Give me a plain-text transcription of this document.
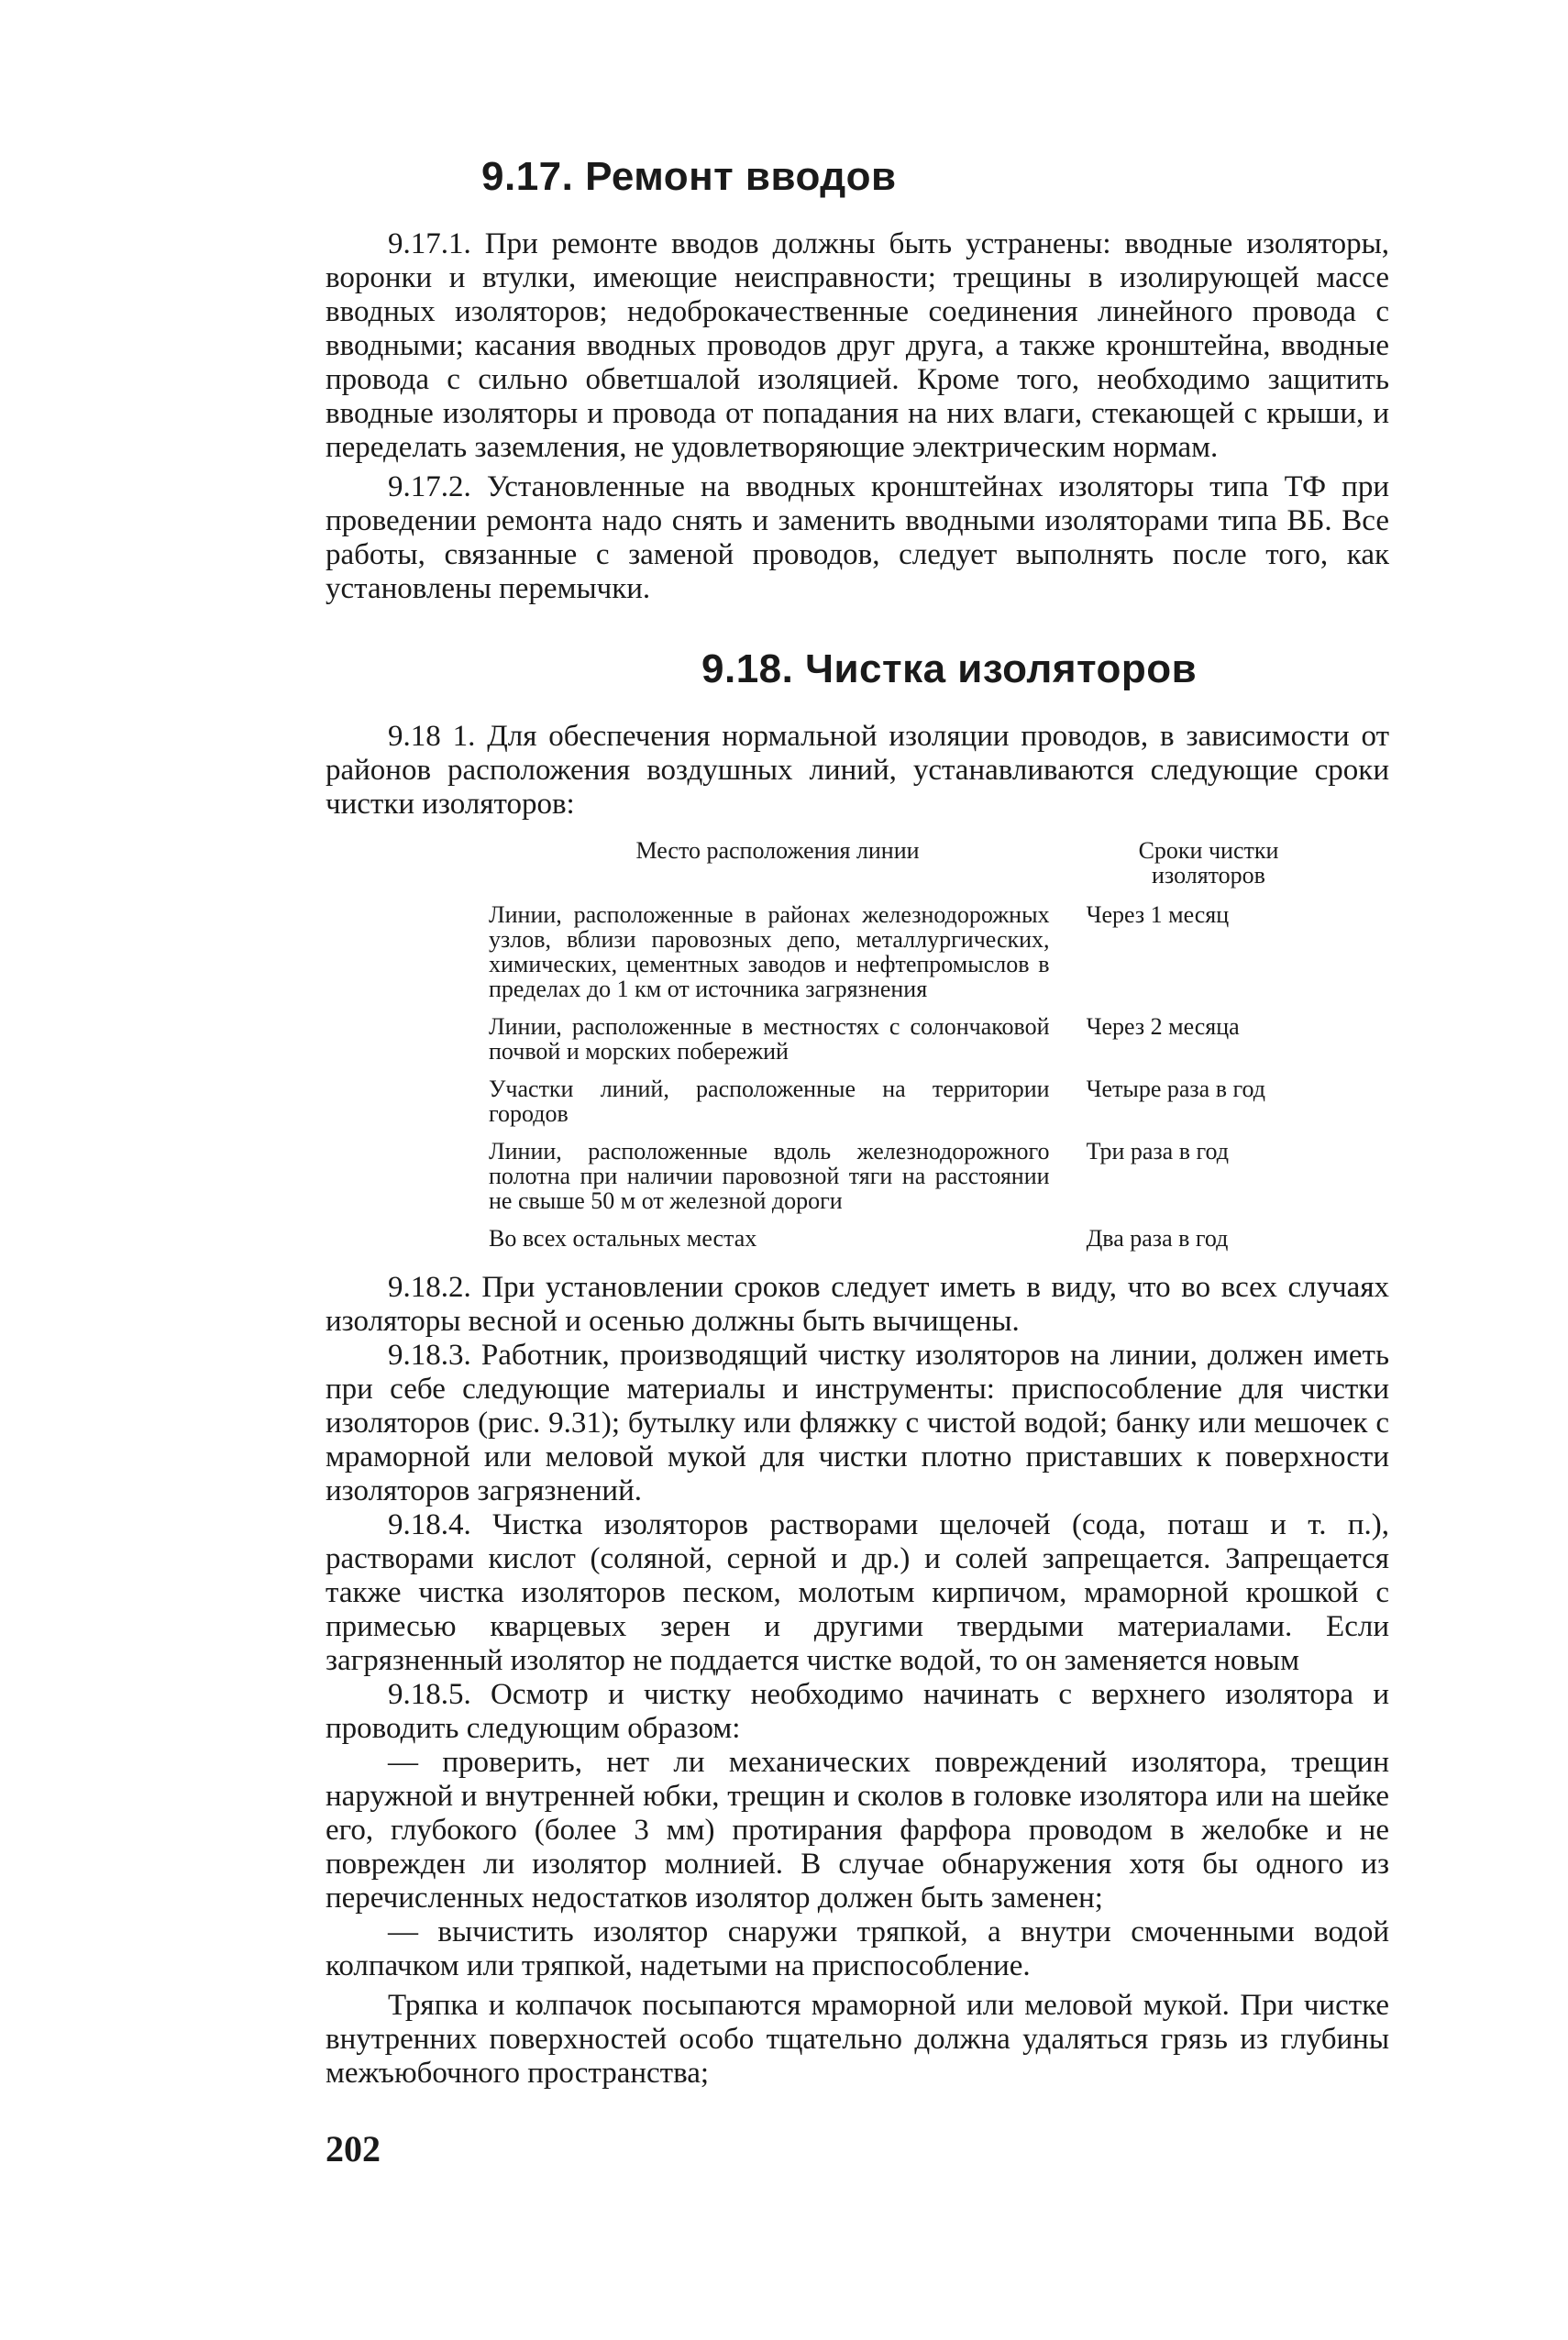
9.17. Ремонт вводов

9.17.1. При ремонте вводов должны быть устранены: вводные изоляторы, воронки и втулки, имеющие неисправности; трещины в изолирующей массе вводных изоляторов; недоброкачественные соединения линейного провода с вводными; касания вводных проводов друг друга, а также кронштейна, вводные провода с сильно обветшалой изоляцией. Кроме того, необходимо защитить вводные изоляторы и провода от попадания на них влаги, стекающей с крыши, и переделать заземления, не удовлетворяющие электрическим нормам.

9.17.2. Установленные на вводных кронштейнах изоляторы типа ТФ при проведении ремонта надо снять и заменить вводными изоляторами типа ВБ. Все работы, связанные с заменой проводов, следует выполнять после того, как установлены перемычки.

9.18. Чистка изоляторов

9.18 1. Для обеспечения нормальной изоляции проводов, в зависимости от районов расположения воздушных линий, устанавливаются следующие сроки чистки изоляторов:

Место расположения линии	Сроки чистки изоляторов
Линии, расположенные в районах железнодорожных узлов, вблизи паровозных депо, металлургических, химических, цементных заводов и нефтепромыслов в пределах до 1 км от источника загрязнения
Через 1 месяц
Линии, расположенные в местностях с солончаковой почвой и морских побережий
Через 2 месяца
Участки линий, расположенные на территории городов
Четыре раза в год
Линии, расположенные вдоль железнодорожного полотна при наличии паровозной тяги на расстоянии не свыше 50 м от железной дороги
Три раза в год
Во всех остальных местах	Два раза в год

9.18.2. При установлении сроков следует иметь в виду, что во всех случаях изоляторы весной и осенью должны быть вычищены.

9.18.3. Работник, производящий чистку изоляторов на линии, должен иметь при себе следующие материалы и инструменты: приспособление для чистки изоляторов (рис. 9.31); бутылку или фляжку с чистой водой; банку или мешочек с мраморной или меловой мукой для чистки плотно приставших к поверхности изоляторов загрязнений.

9.18.4. Чистка изоляторов растворами щелочей (сода, поташ и т. п.), растворами кислот (соляной, серной и др.) и солей запрещается. Запрещается также чистка изоляторов песком, молотым кирпичом, мраморной крошкой с примесью кварцевых зерен и другими твердыми материалами. Если загрязненный изолятор не поддается чистке водой, то он заменяется новым

9.18.5. Осмотр и чистку необходимо начинать с верхнего изолятора и проводить следующим образом:

— проверить, нет ли механических повреждений изолятора, трещин наружной и внутренней юбки, трещин и сколов в головке изолятора или на шейке его, глубокого (более 3 мм) протирания фарфора проводом в желобке и не поврежден ли изолятор молнией. В случае обнаружения хотя бы одного из перечисленных недостатков изолятор должен быть заменен;

— вычистить изолятор снаружи тряпкой, а внутри смоченными водой колпачком или тряпкой, надетыми на приспособление.

Тряпка и колпачок посыпаются мраморной или меловой мукой. При чистке внутренних поверхностей особо тщательно должна удаляться грязь из глубины межъюбочного пространства;

202
